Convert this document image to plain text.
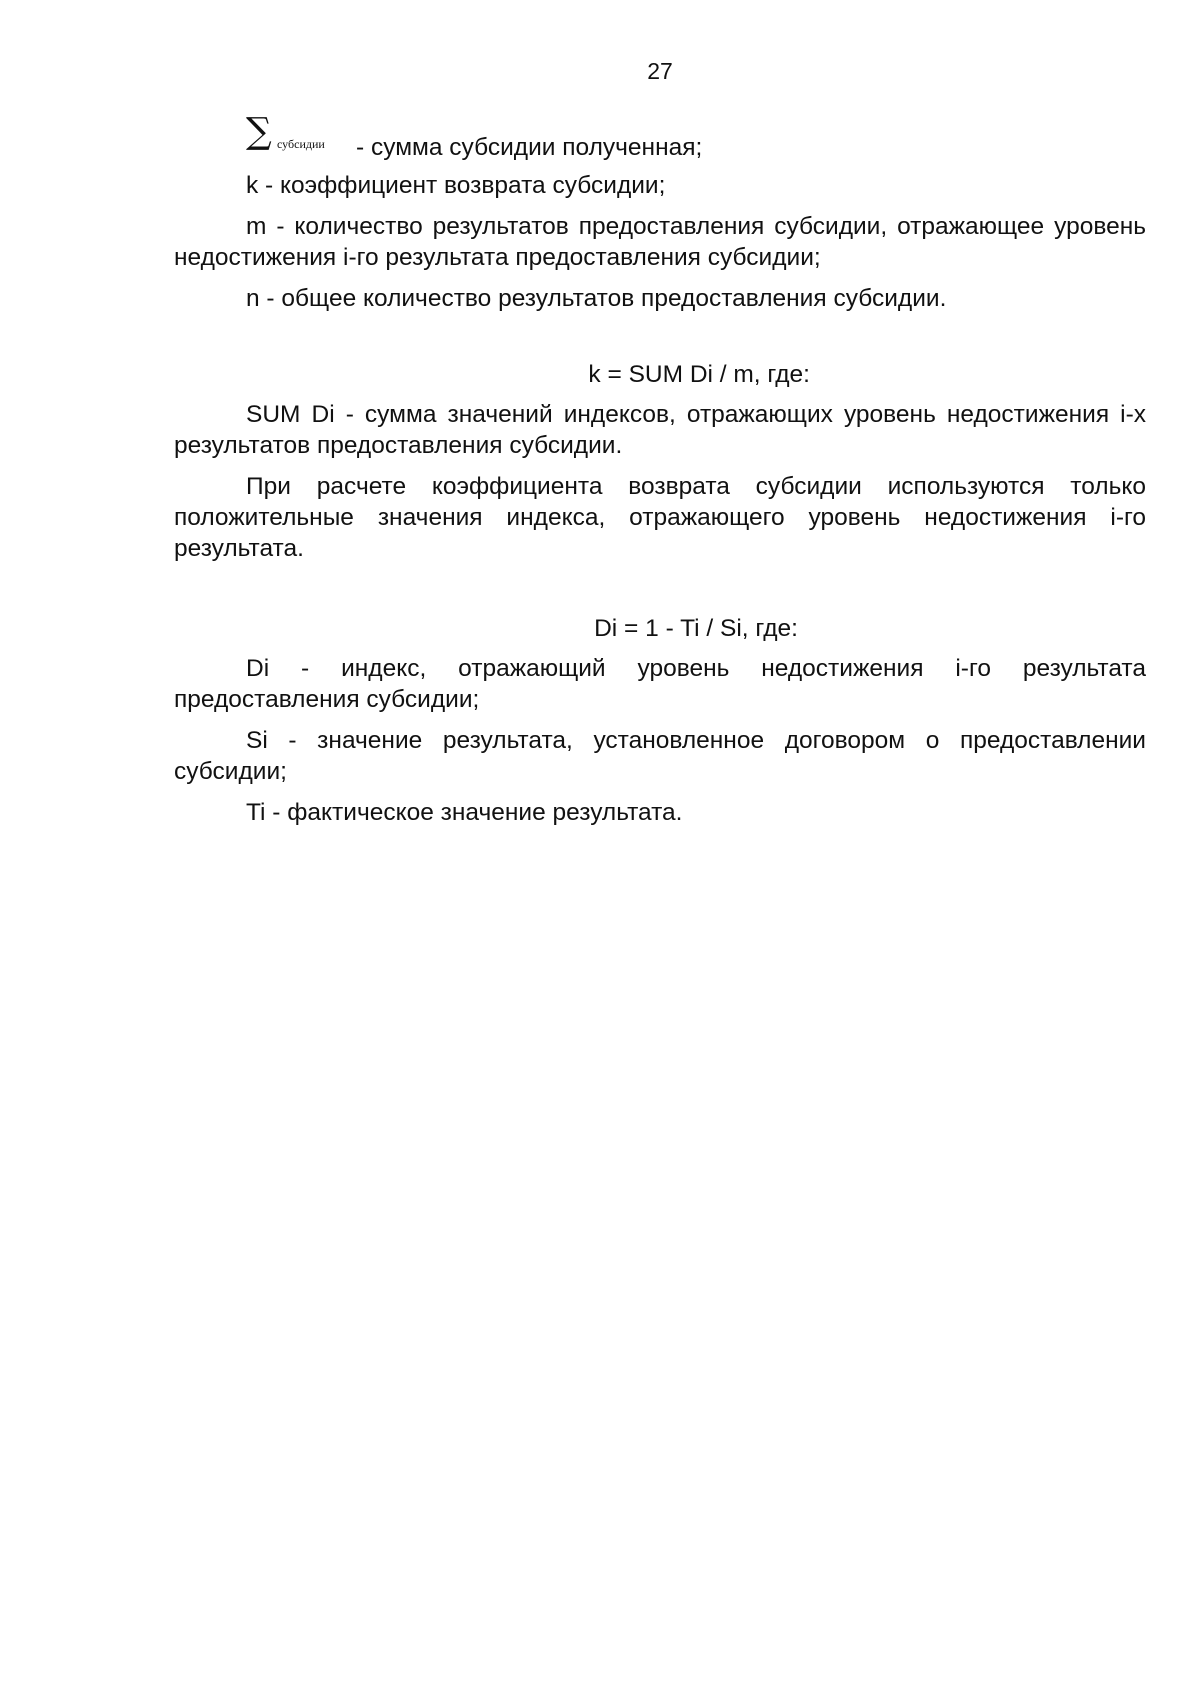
27
∑ субсидии - сумма субсидии полученная;

k - коэффициент возврата субсидии;

m - количество результатов предоставления субсидии, отражающее уровень недостижения i-го результата предоставления субсидии;

n - общее количество результатов предоставления субсидии.

k = SUM Di / m, где:

SUM Di - сумма значений индексов, отражающих уровень недостижения i-х результатов предоставления субсидии.

При расчете коэффициента возврата субсидии используются только положительные значения индекса, отражающего уровень недостижения i-го результата.

Di = 1 - Ti / Si, где:

Di - индекс, отражающий уровень недостижения i-го результата предоставления субсидии;

Si - значение результата, установленное договором о предоставлении субсидии;

Ti - фактическое значение результата.
